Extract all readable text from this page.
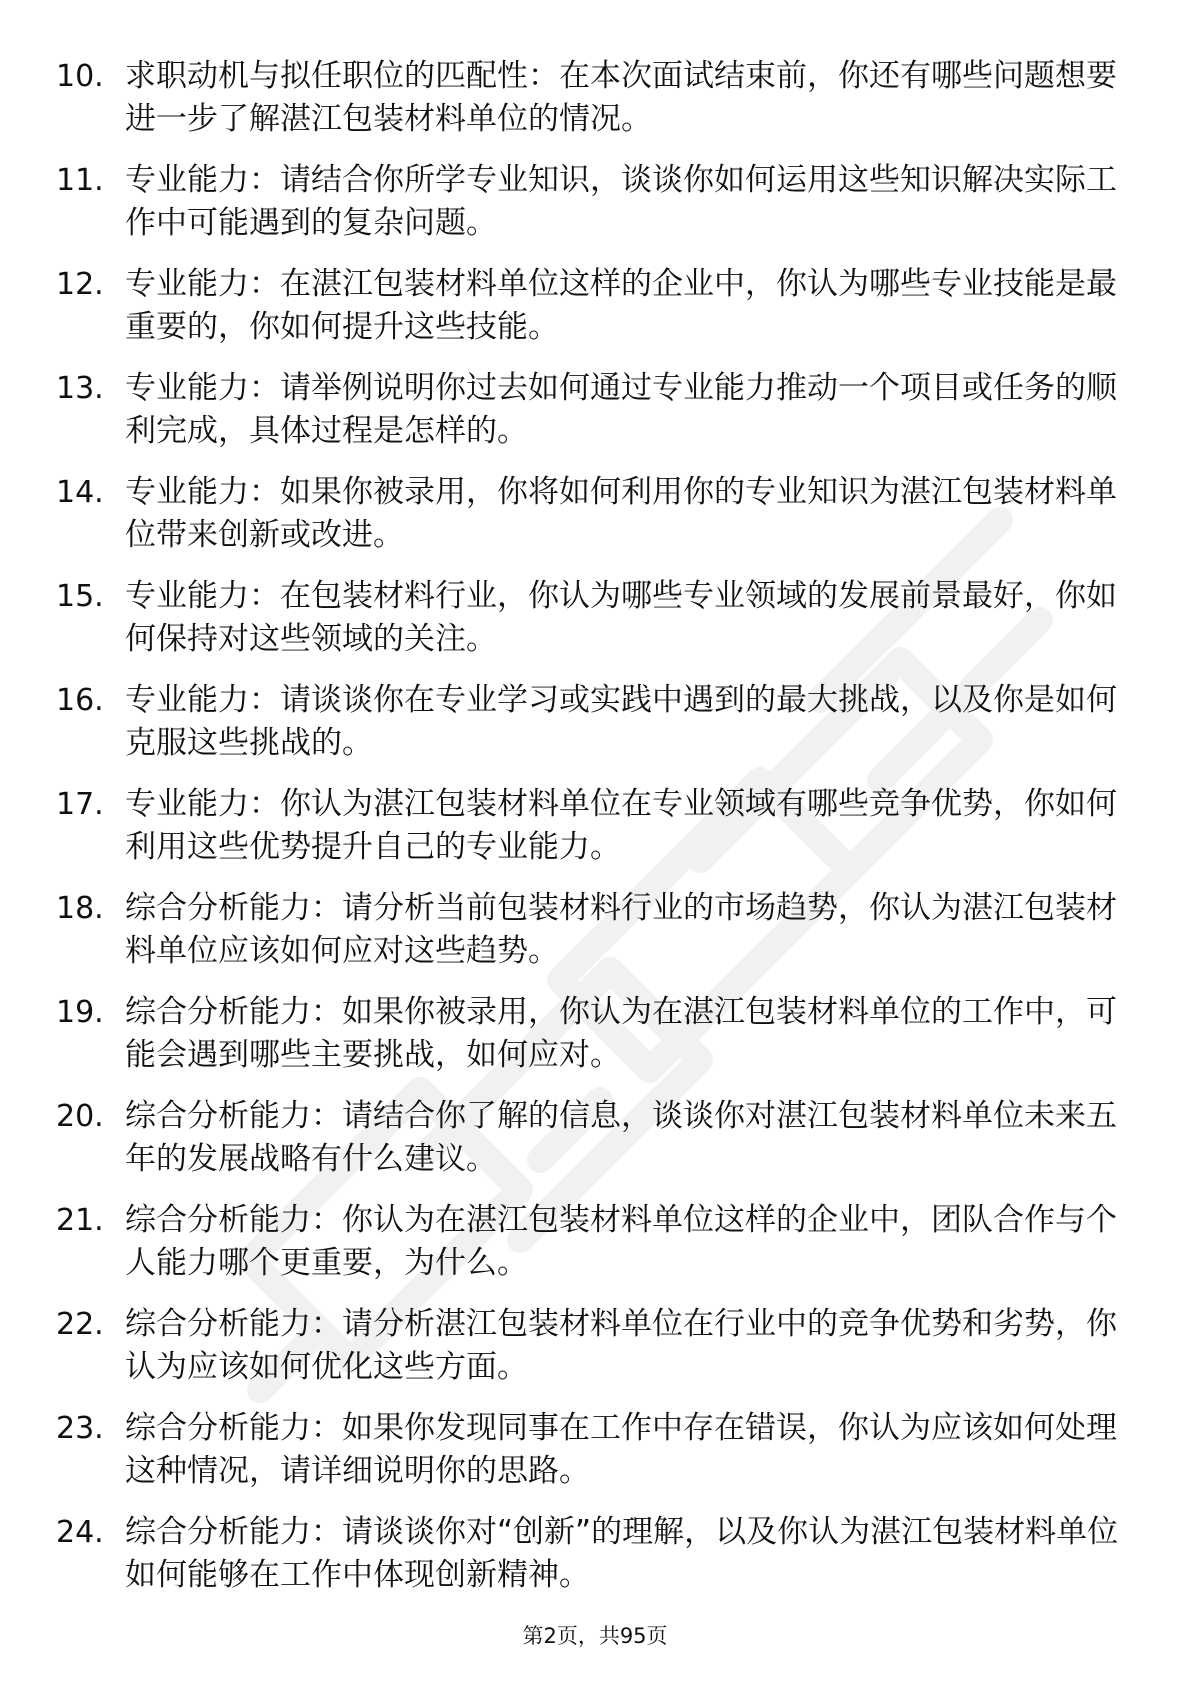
10. 求职动机与拟任职位的匹配性：在本次面试结束前，你还有哪些问题想要进一步了解湛江包装材料单位的情况。
11. 专业能力：请结合你所学专业知识，谈谈你如何运用这些知识解决实际工作中可能遇到的复杂问题。
12. 专业能力：在湛江包装材料单位这样的企业中，你认为哪些专业技能是最重要的，你如何提升这些技能。
13. 专业能力：请举例说明你过去如何通过专业能力推动一个项目或任务的顺利完成，具体过程是怎样的。
14. 专业能力：如果你被录用，你将如何利用你的专业知识为湛江包装材料单位带来创新或改进。
15. 专业能力：在包装材料行业，你认为哪些专业领域的发展前景最好，你如何保持对这些领域的关注。
16. 专业能力：请谈谈你在专业学习或实践中遇到的最大挑战，以及你是如何克服这些挑战的。
17. 专业能力：你认为湛江包装材料单位在专业领域有哪些竞争优势，你如何利用这些优势提升自己的专业能力。
18. 综合分析能力：请分析当前包装材料行业的市场趋势，你认为湛江包装材料单位应该如何应对这些趋势。
19. 综合分析能力：如果你被录用，你认为在湛江包装材料单位的工作中，可能会遇到哪些主要挑战，如何应对。
20. 综合分析能力：请结合你了解的信息，谈谈你对湛江包装材料单位未来五年的发展战略有什么建议。
21. 综合分析能力：你认为在湛江包装材料单位这样的企业中，团队合作与个人能力哪个更重要，为什么。
22. 综合分析能力：请分析湛江包装材料单位在行业中的竞争优势和劣势，你认为应该如何优化这些方面。
23. 综合分析能力：如果你发现同事在工作中存在错误，你认为应该如何处理这种情况，请详细说明你的思路。
24. 综合分析能力：请谈谈你对“创新”的理解，以及你认为湛江包装材料单位如何能够在工作中体现创新精神。
第2页，共95页
